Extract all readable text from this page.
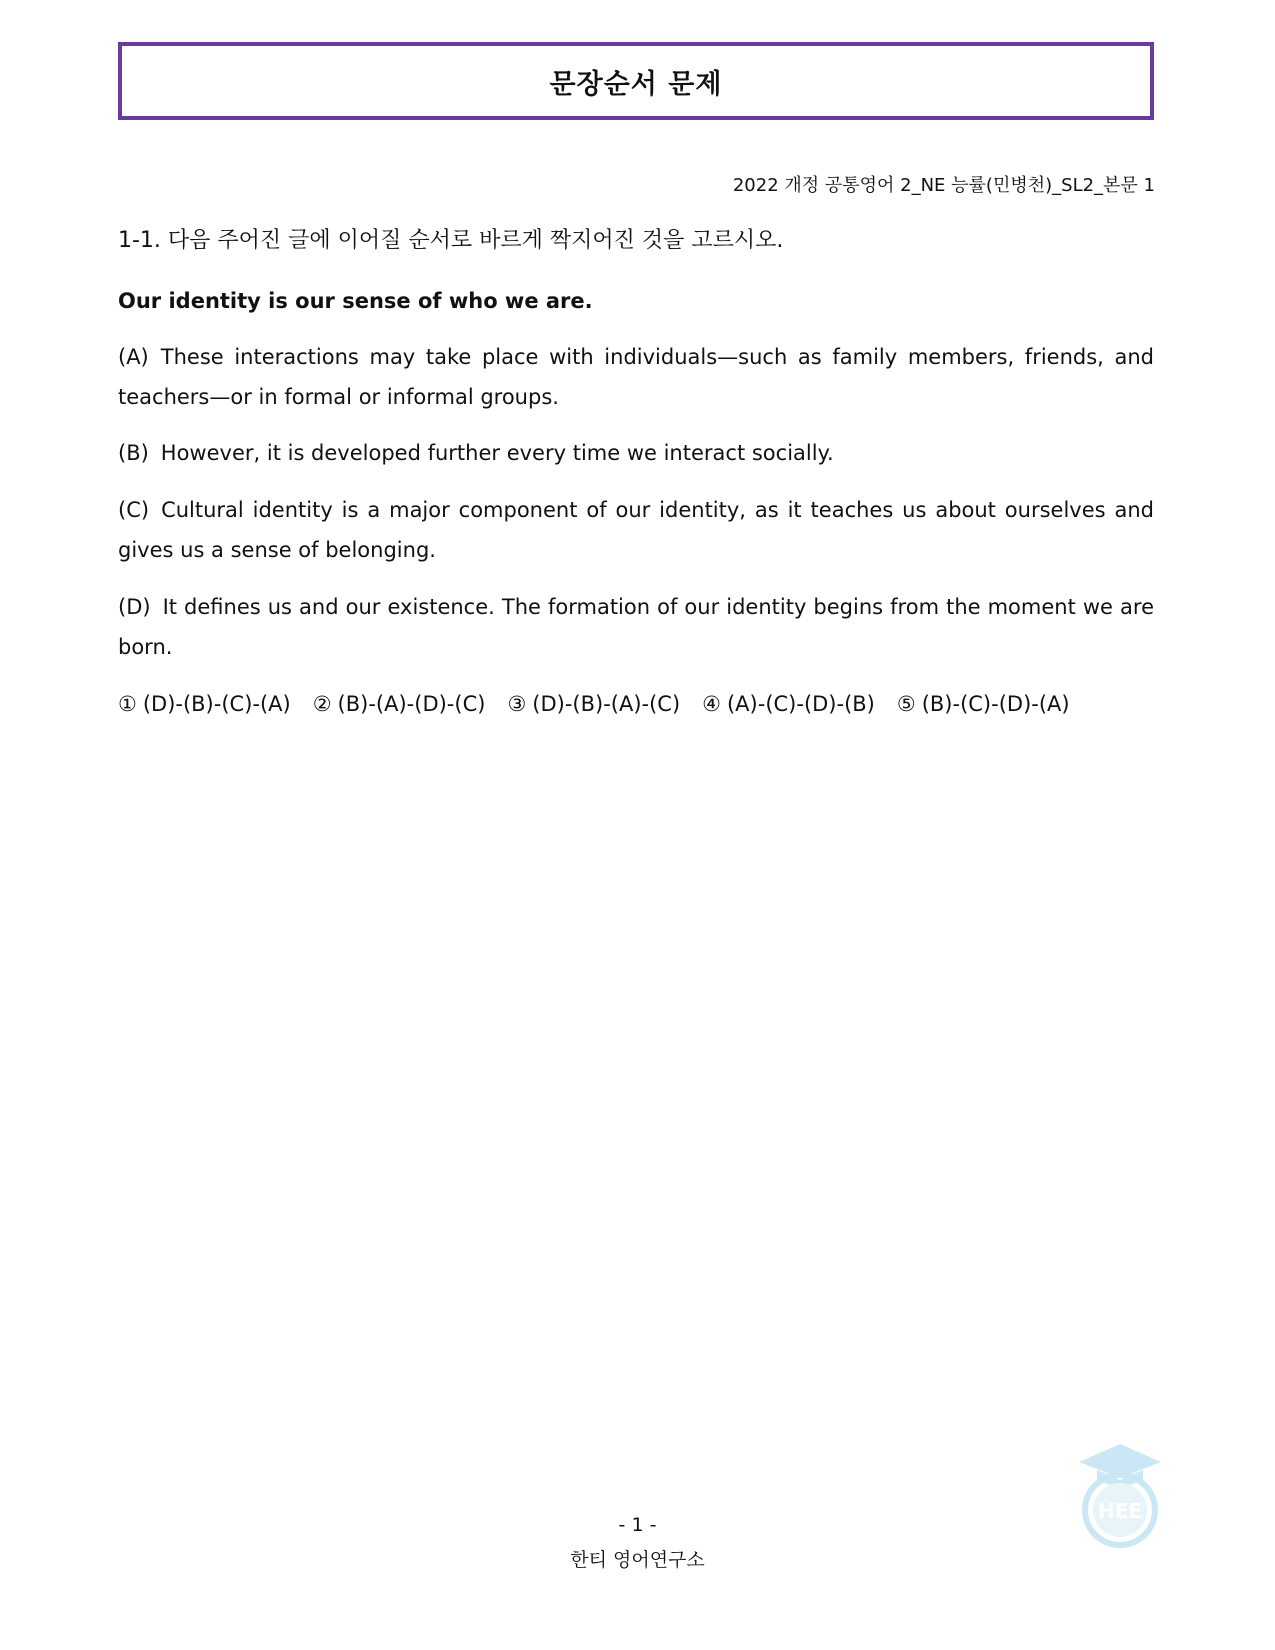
문장순서 문제
2022 개정 공통영어 2_NE 능률(민병천)_SL2_본문 1

1-1. 다음 주어진 글에 이어질 순서로 바르게 짝지어진 것을 고르시오.

Our identity is our sense of who we are.

(A) These interactions may take place with individuals—such as family members, friends, and teachers—or in formal or informal groups.

(B) However, it is developed further every time we interact socially.

(C) Cultural identity is a major component of our identity, as it teaches us about ourselves and gives us a sense of belonging.

(D) It defines us and our existence. The formation of our identity begins from the moment we are born.

① (D)-(B)-(C)-(A) ② (B)-(A)-(D)-(C) ③ (D)-(B)-(A)-(C) ④ (A)-(C)-(D)-(B) ⑤ (B)-(C)-(D)-(A)
HEE
- 1 -
한티 영어연구소
